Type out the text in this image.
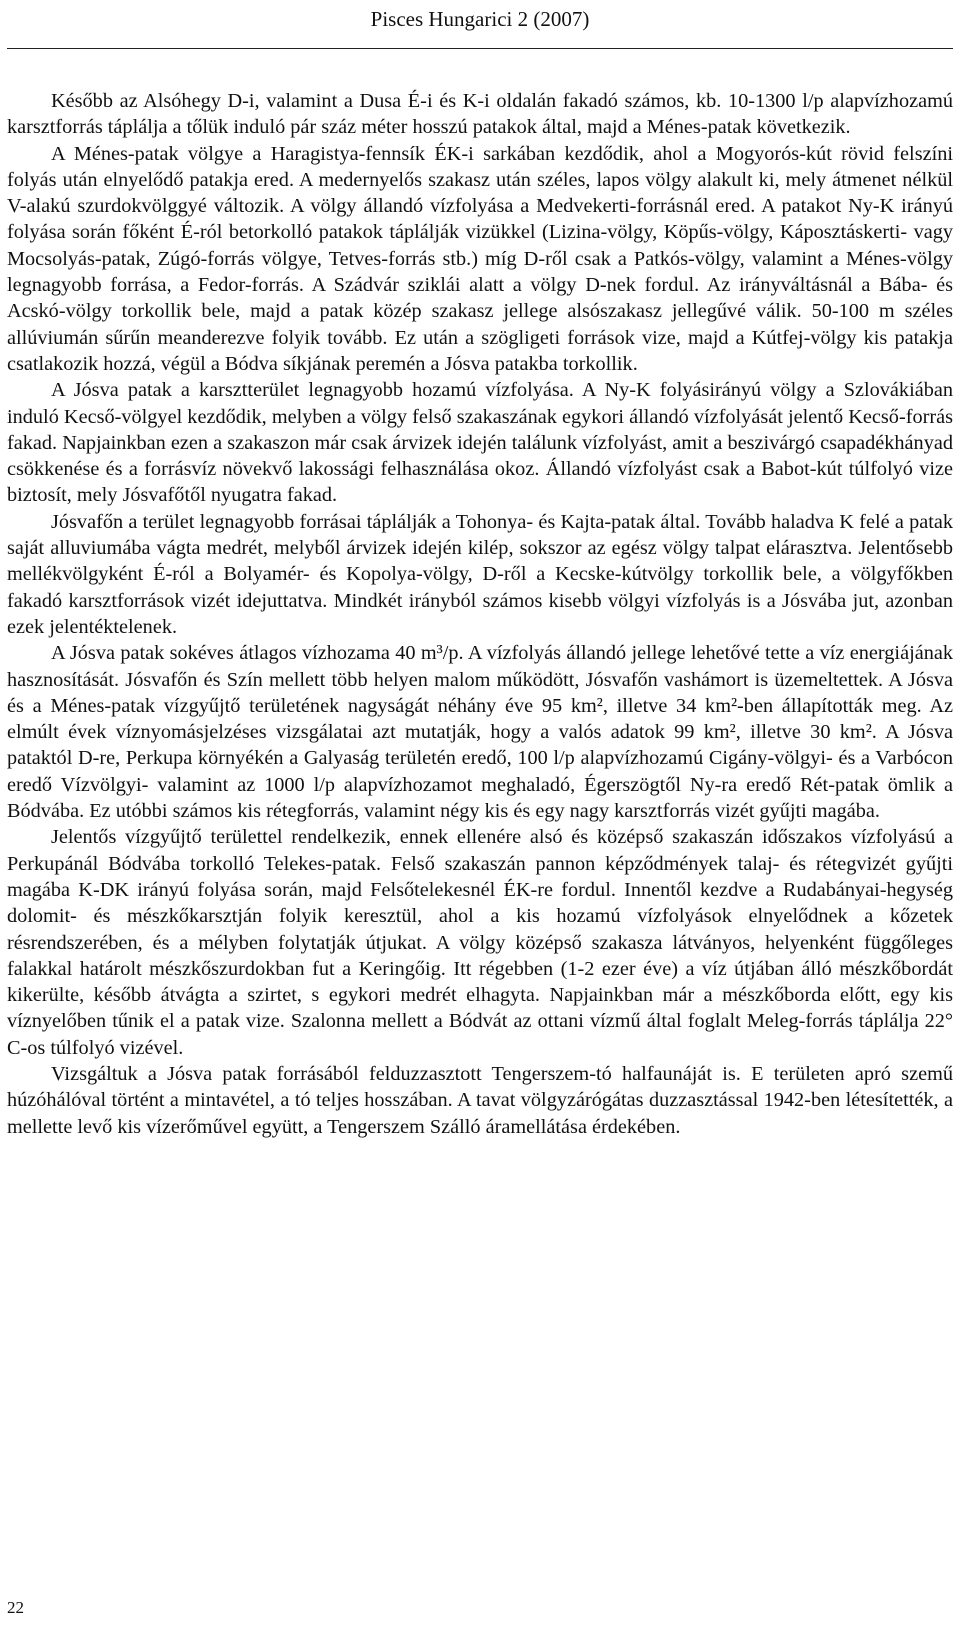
Pisces Hungarici 2 (2007)

Később az Alsóhegy D-i, valamint a Dusa É-i és K-i oldalán fakadó számos, kb. 10-1300 l/p alapvízhozamú karsztforrás táplálja a tőlük induló pár száz méter hosszú patakok által, majd a Ménes-patak következik.

A Ménes-patak völgye a Haragistya-fennsík ÉK-i sarkában kezdődik, ahol a Mogyorós-kút rövid felszíni folyás után elnyelődő patakja ered. A medernyelős szakasz után széles, lapos völgy alakult ki, mely átmenet nélkül V-alakú szurdokvölggyé változik. A völgy állandó vízfolyása a Medvekerti-forrásnál ered. A patakot Ny-K irányú folyása során főként É-ról betorkolló patakok táplálják vizükkel (Lizina-völgy, Köpűs-völgy, Káposztáskerti- vagy Mocsolyás-patak, Zúgó-forrás völgye, Tetves-forrás stb.) míg D-ről csak a Patkós-völgy, valamint a Ménes-völgy legnagyobb forrása, a Fedor-forrás. A Szádvár sziklái alatt a völgy D-nek fordul. Az irányváltásnál a Bába- és Acskó-völgy torkollik bele, majd a patak közép szakasz jellege alsószakasz jellegűvé válik. 50-100 m széles allúviumán sűrűn meanderezve folyik tovább. Ez után a szögligeti források vize, majd a Kútfej-völgy kis patakja csatlakozik hozzá, végül a Bódva síkjának peremén a Jósva patakba torkollik.

A Jósva patak a karsztterület legnagyobb hozamú vízfolyása. A Ny-K folyásirányú völgy a Szlovákiában induló Kecső-völgyel kezdődik, melyben a völgy felső szakaszának egykori állandó vízfolyását jelentő Kecső-forrás fakad. Napjainkban ezen a szakaszon már csak árvizek idején találunk vízfolyást, amit a beszivárgó csapadékhányad csökkenése és a forrásvíz növekvő lakossági felhasználása okoz. Állandó vízfolyást csak a Babot-kút túlfolyó vize biztosít, mely Jósvafőtől nyugatra fakad.

Jósvafőn a terület legnagyobb forrásai táplálják a Tohonya- és Kajta-patak által. Tovább haladva K felé a patak saját alluviumába vágta medrét, melyből árvizek idején kilép, sokszor az egész völgy talpat elárasztva. Jelentősebb mellékvölgyként É-ról a Bolyamér- és Kopolya-völgy, D-ről a Kecske-kútvölgy torkollik bele, a völgyfőkben fakadó karsztforrások vizét idejuttatva. Mindkét irányból számos kisebb völgyi vízfolyás is a Jósvába jut, azonban ezek jelentéktelenek.

A Jósva patak sokéves átlagos vízhozama 40 m³/p. A vízfolyás állandó jellege lehetővé tette a víz energiájának hasznosítását. Jósvafőn és Szín mellett több helyen malom működött, Jósvafőn vashámort is üzemeltettek. A Jósva és a Ménes-patak vízgyűjtő területének nagyságát néhány éve 95 km², illetve 34 km²-ben állapították meg. Az elmúlt évek víznyomásjelzéses vizsgálatai azt mutatják, hogy a valós adatok 99 km², illetve 30 km². A Jósva pataktól D-re, Perkupa környékén a Galyaság területén eredő, 100 l/p alapvízhozamú Cigány-völgyi- és a Varbócon eredő Vízvölgyi- valamint az 1000 l/p alapvízhozamot meghaladó, Égerszögtől Ny-ra eredő Rét-patak ömlik a Bódvába. Ez utóbbi számos kis rétegforrás, valamint négy kis és egy nagy karsztforrás vizét gyűjti magába.

Jelentős vízgyűjtő területtel rendelkezik, ennek ellenére alsó és középső szakaszán időszakos vízfolyású a Perkupánál Bódvába torkolló Telekes-patak. Felső szakaszán pannon képződmények talaj- és rétegvizét gyűjti magába K-DK irányú folyása során, majd Felsőtelekesnél ÉK-re fordul. Innentől kezdve a Rudabányai-hegység dolomit- és mészkőkarsztján folyik keresztül, ahol a kis hozamú vízfolyások elnyelődnek a kőzetek résrendszerében, és a mélyben folytatják útjukat. A völgy középső szakasza látványos, helyenként függőleges falakkal határolt mészkőszurdokban fut a Keringőig. Itt régebben (1-2 ezer éve) a víz útjában álló mészkőbordát kikerülte, később átvágta a szirtet, s egykori medrét elhagyta. Napjainkban már a mészkőborda előtt, egy kis víznyelőben tűnik el a patak vize. Szalonna mellett a Bódvát az ottani vízmű által foglalt Meleg-forrás táplálja 22° C-os túlfolyó vizével.

Vizsgáltuk a Jósva patak forrásából felduzzasztott Tengerszem-tó halfaunáját is. E területen apró szemű húzóhálóval történt a mintavétel, a tó teljes hosszában. A tavat völgyzárógátas duzzasztással 1942-ben létesítették, a mellette levő kis vízerőművel együtt, a Tengerszem Szálló áramellátása érdekében.

22
